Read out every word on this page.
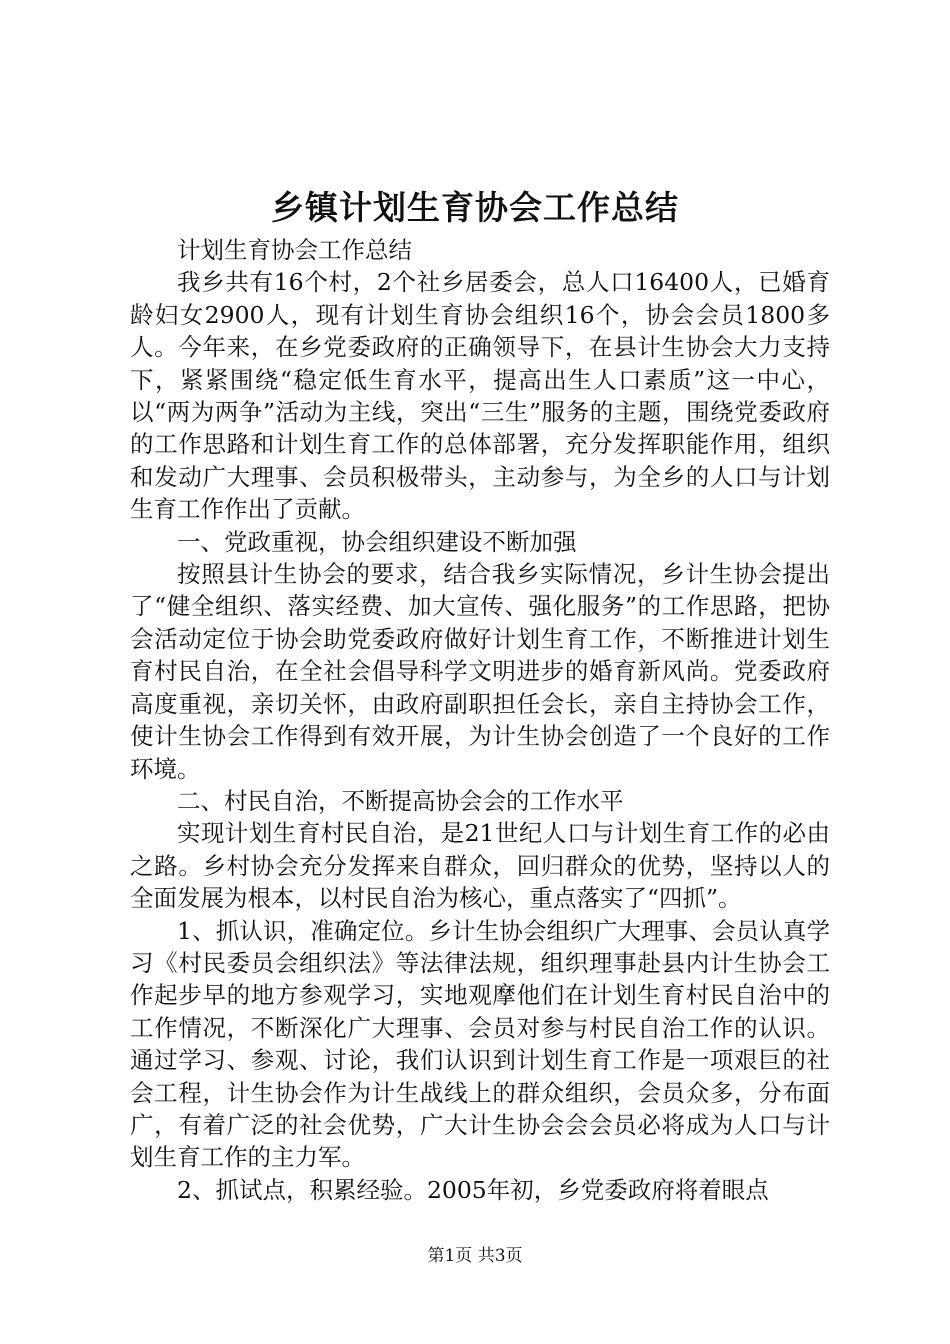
乡镇计划生育协会工作总结

计划生育协会工作总结

我乡共有16个村，2个社乡居委会，总人口16400人，已婚育龄妇女2900人，现有计划生育协会组织16个，协会会员1800多人。今年来，在乡党委政府的正确领导下，在县计生协会大力支持下，紧紧围绕“稳定低生育水平，提高出生人口素质”这一中心，以“两为两争”活动为主线，突出“三生”服务的主题，围绕党委政府的工作思路和计划生育工作的总体部署，充分发挥职能作用，组织和发动广大理事、会员积极带头，主动参与，为全乡的人口与计划生育工作作出了贡献。

一、党政重视，协会组织建设不断加强

按照县计生协会的要求，结合我乡实际情况，乡计生协会提出了“健全组织、落实经费、加大宣传、强化服务”的工作思路，把协会活动定位于协会助党委政府做好计划生育工作，不断推进计划生育村民自治，在全社会倡导科学文明进步的婚育新风尚。党委政府高度重视，亲切关怀，由政府副职担任会长，亲自主持协会工作，使计生协会工作得到有效开展，为计生协会创造了一个良好的工作环境。

二、村民自治，不断提高协会会的工作水平

实现计划生育村民自治，是21世纪人口与计划生育工作的必由之路。乡村协会充分发挥来自群众，回归群众的优势，坚持以人的全面发展为根本，以村民自治为核心，重点落实了“四抓”。

1、抓认识，准确定位。乡计生协会组织广大理事、会员认真学习《村民委员会组织法》等法律法规，组织理事赴县内计生协会工作起步早的地方参观学习，实地观摩他们在计划生育村民自治中的工作情况，不断深化广大理事、会员对参与村民自治工作的认识。通过学习、参观、讨论，我们认识到计划生育工作是一项艰巨的社会工程，计生协会作为计生战线上的群众组织，会员众多，分布面广，有着广泛的社会优势，广大计生协会会会员必将成为人口与计划生育工作的主力军。

2、抓试点，积累经验。2005年初，乡党委政府将着眼点

第1页 共3页
